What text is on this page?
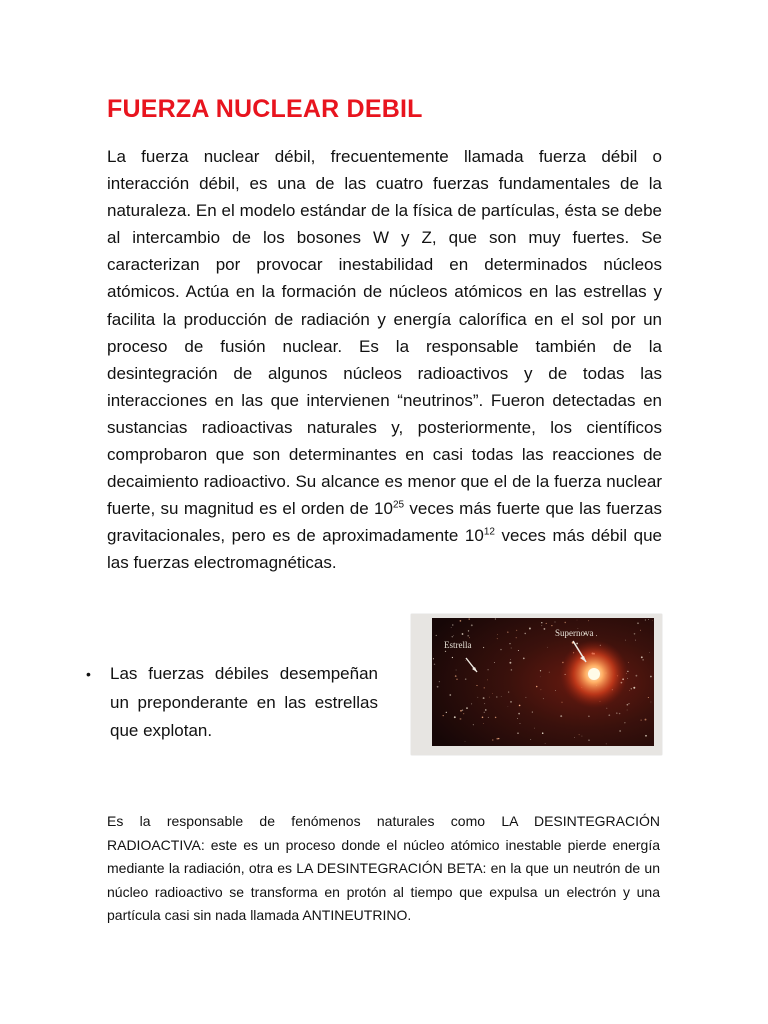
FUERZA NUCLEAR DEBIL

La fuerza nuclear débil, frecuentemente llamada fuerza débil o interacción débil, es una de las cuatro fuerzas fundamentales de la naturaleza. En el modelo estándar de la física de partículas, ésta se debe al intercambio de los bosones W y Z, que son muy fuertes. Se caracterizan por provocar inestabilidad en determinados núcleos atómicos. Actúa en la formación de núcleos atómicos en las estrellas y facilita la producción de radiación y energía calorífica en el sol por un proceso de fusión nuclear. Es la responsable también de la desintegración de algunos núcleos radioactivos y de todas las interacciones en las que intervienen “neutrinos”. Fueron detectadas en sustancias radioactivas naturales y, posteriormente, los científicos comprobaron que son determinantes en casi todas las reacciones de decaimiento radioactivo. Su alcance es menor que el de la fuerza nuclear fuerte, su magnitud es el orden de $10^{25}$ veces más fuerte que las fuerzas gravitacionales, pero es de aproximadamente $10^{12}$ veces más débil que las fuerzas electromagnéticas.

• Las fuerzas débiles desempeñan un preponderante en las estrellas que explotan.

Estrella
Supernova

Es la responsable de fenómenos naturales como LA DESINTEGRACIÓN RADIOACTIVA: este es un proceso donde el núcleo atómico inestable pierde energía mediante la radiación, otra es LA DESINTEGRACIÓN BETA: en la que un neutrón de un núcleo radioactivo se transforma en protón al tiempo que expulsa un electrón y una partícula casi sin nada llamada ANTINEUTRINO.
